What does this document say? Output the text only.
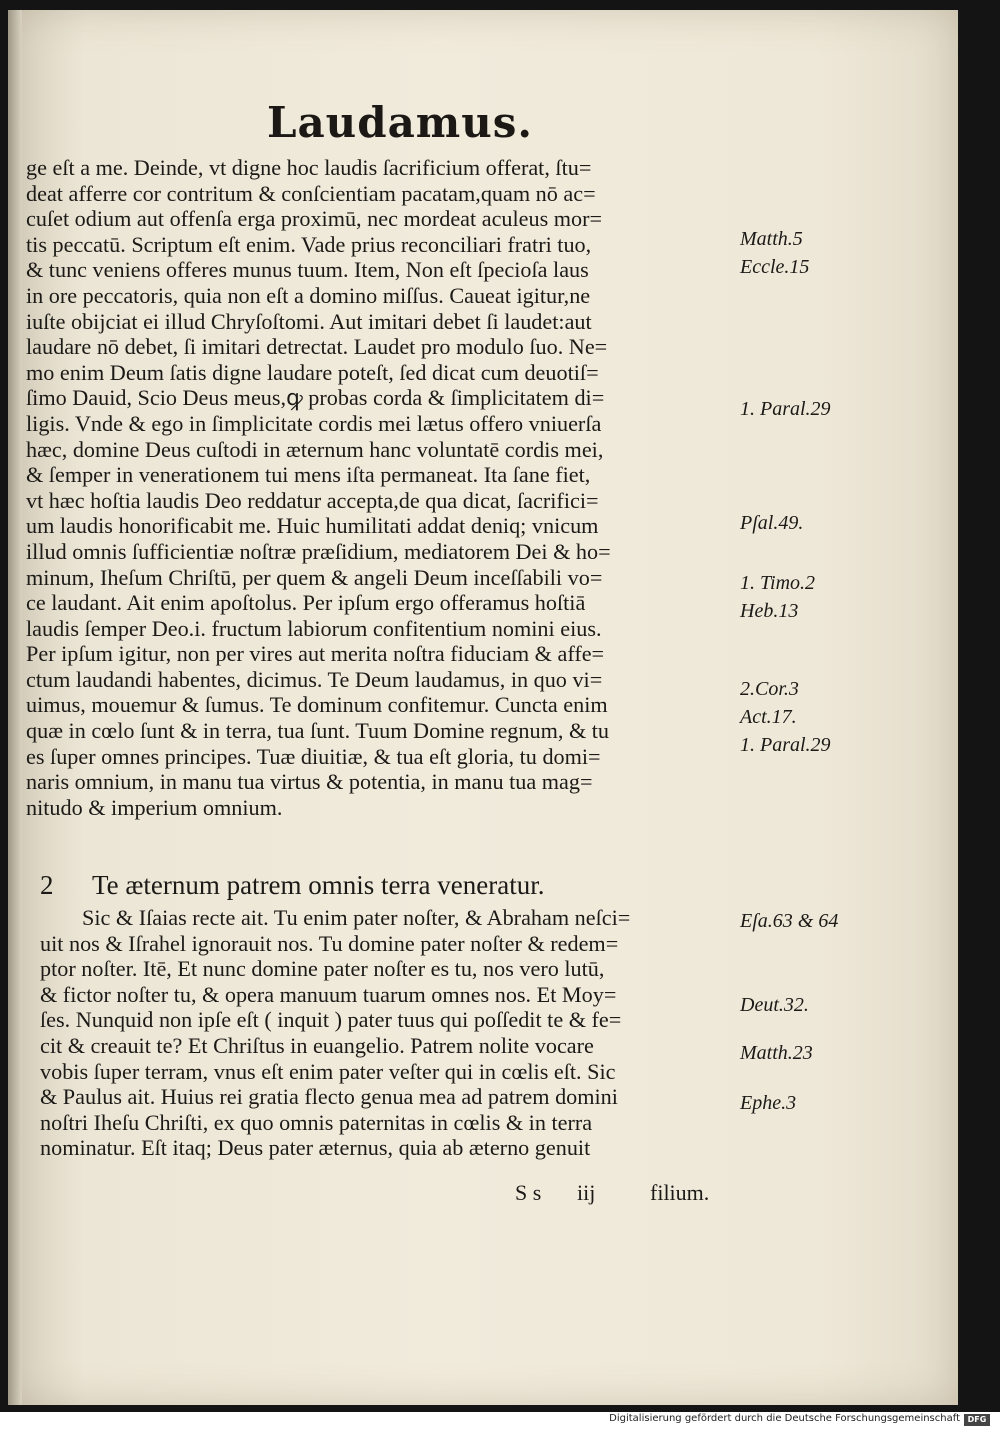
Laudamus.
ge eſt a me. Deinde, vt digne hoc laudis ſacrificium offerat, ſtu=
deat afferre cor contritum & conſcientiam pacatam,quam nō ac=
cuſet odium aut offenſa erga proximū, nec mordeat aculeus mor=
tis peccatū. Scriptum eſt enim. Vade prius reconciliari fratri tuo,
& tunc veniens offeres munus tuum. Item, Non eſt ſpecioſa laus
in ore peccatoris, quia non eſt a domino miſſus. Caueat igitur,ne
iuſte obijciat ei illud Chryſoſtomi. Aut imitari debet ſi laudet:aut
laudare nō debet, ſi imitari detrectat. Laudet pro modulo ſuo. Ne=
mo enim Deum ſatis digne laudare poteſt, ſed dicat cum deuotiſ=
ſimo Dauid, Scio Deus meus,ꝙ probas corda & ſimplicitatem di=
ligis. Vnde & ego in ſimplicitate cordis mei lætus offero vniuerſa
hæc, domine Deus cuſtodi in æternum hanc voluntatē cordis mei,
& ſemper in venerationem tui mens iſta permaneat. Ita ſane fiet,
vt hæc hoſtia laudis Deo reddatur accepta,de qua dicat, ſacrifici=
um laudis honorificabit me. Huic humilitati addat deniq; vnicum
illud omnis ſufficientiæ noſtræ præſidium, mediatorem Dei & ho=
minum, Iheſum Chriſtū, per quem & angeli Deum inceſſabili vo=
ce laudant. Ait enim apoſtolus. Per ipſum ergo offeramus hoſtiā
laudis ſemper Deo.i. fructum labiorum confitentium nomini eius.
Per ipſum igitur, non per vires aut merita noſtra fiduciam & affe=
ctum laudandi habentes, dicimus. Te Deum laudamus, in quo vi=
uimus, mouemur & ſumus. Te dominum confitemur. Cuncta enim
quæ in cœlo ſunt & in terra, tua ſunt. Tuum Domine regnum, & tu
es ſuper omnes principes. Tuæ diuitiæ, & tua eſt gloria, tu domi=
naris omnium, in manu tua virtus & potentia, in manu tua mag=
nitudo & imperium omnium.
2 Te æternum patrem omnis terra veneratur.
Sic & Iſaias recte ait. Tu enim pater noſter, & Abraham neſci=
uit nos & Iſrahel ignorauit nos. Tu domine pater noſter & redem=
ptor noſter. Itē, Et nunc domine pater noſter es tu, nos vero lutū,
& fictor noſter tu, & opera manuum tuarum omnes nos. Et Moy=
ſes. Nunquid non ipſe eſt ( inquit ) pater tuus qui poſſedit te & fe=
cit & creauit te? Et Chriſtus in euangelio. Patrem nolite vocare
vobis ſuper terram, vnus eſt enim pater veſter qui in cœlis eſt. Sic
& Paulus ait. Huius rei gratia flecto genua mea ad patrem domini
noſtri Iheſu Chriſti, ex quo omnis paternitas in cœlis & in terra
nominatur. Eſt itaq; Deus pater æternus, quia ab æterno genuit
S s iij filium.
Matth.5
Eccle.15
1. Paral.29
Pſal.49.
1. Timo.2
Heb.13
2.Cor.3
Act.17.
1. Paral.29
Eſa.63 & 64
Deut.32.
Matth.23
Ephe.3
Digitalisierung gefördert durch die Deutsche Forschungsgemeinschaft DFG
